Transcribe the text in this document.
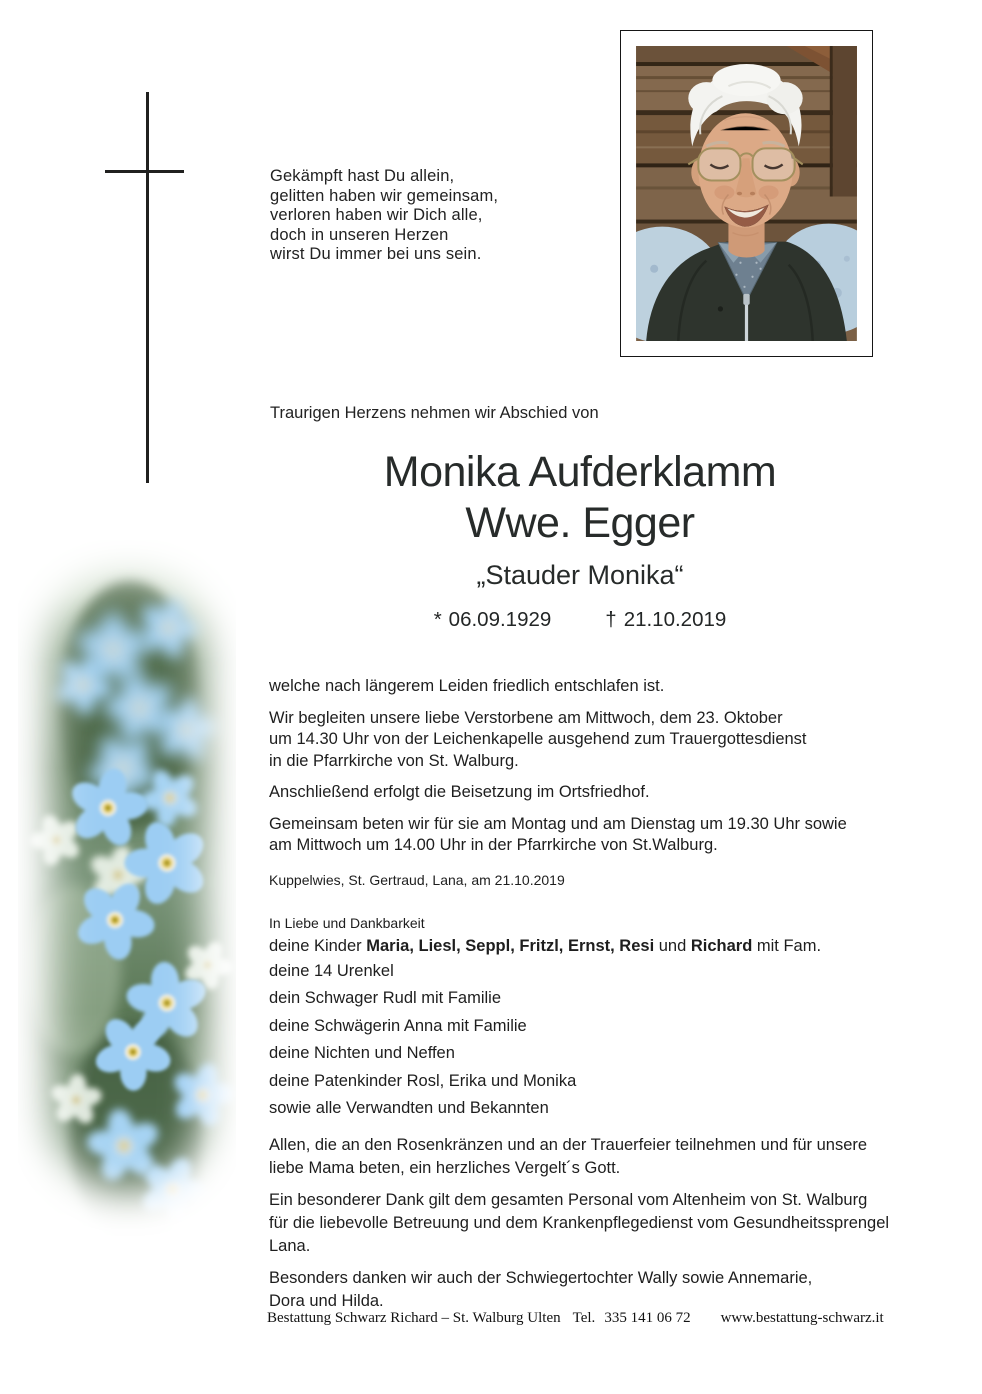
Gekämpft hast Du allein,
gelitten haben wir gemeinsam,
verloren haben wir Dich alle,
doch in unseren Herzen
wirst Du immer bei uns sein.
Traurigen Herzens nehmen wir Abschied von
Monika Aufderklamm
Wwe. Egger
„Stauder Monika“
* 06.09.1929	† 21.10.2019
welche nach längerem Leiden friedlich entschlafen ist.
Wir begleiten unsere liebe Verstorbene am Mittwoch, dem 23. Oktober
um 14.30 Uhr von der Leichenkapelle ausgehend zum Trauergottesdienst
in die Pfarrkirche von St. Walburg.
Anschließend erfolgt die Beisetzung im Ortsfriedhof.
Gemeinsam beten wir für sie am Montag und am Dienstag um 19.30 Uhr sowie
am Mittwoch um 14.00 Uhr in der Pfarrkirche von St.Walburg.
Kuppelwies, St. Gertraud, Lana, am 21.10.2019
In Liebe und Dankbarkeit
deine Kinder Maria, Liesl, Seppl, Fritzl, Ernst, Resi und Richard mit Fam.
deine 14 Urenkel
dein Schwager Rudl mit Familie
deine Schwägerin Anna mit Familie
deine Nichten und Neffen
deine Patenkinder Rosl, Erika und Monika
sowie alle Verwandten und Bekannten
Allen, die an den Rosenkränzen und an der Trauerfeier teilnehmen und für unsere
liebe Mama beten, ein herzliches Vergelt´s Gott.
Ein besonderer Dank gilt dem gesamten Personal vom Altenheim von St. Walburg
für die liebevolle Betreuung und dem Krankenpflegedienst vom Gesundheitssprengel
Lana.
Besonders danken wir auch der Schwiegertochter Wally sowie Annemarie,
Dora und Hilda.
Bestattung Schwarz Richard – St. Walburg Ulten Tel. 335 141 06 72 www.bestattung-schwarz.it
